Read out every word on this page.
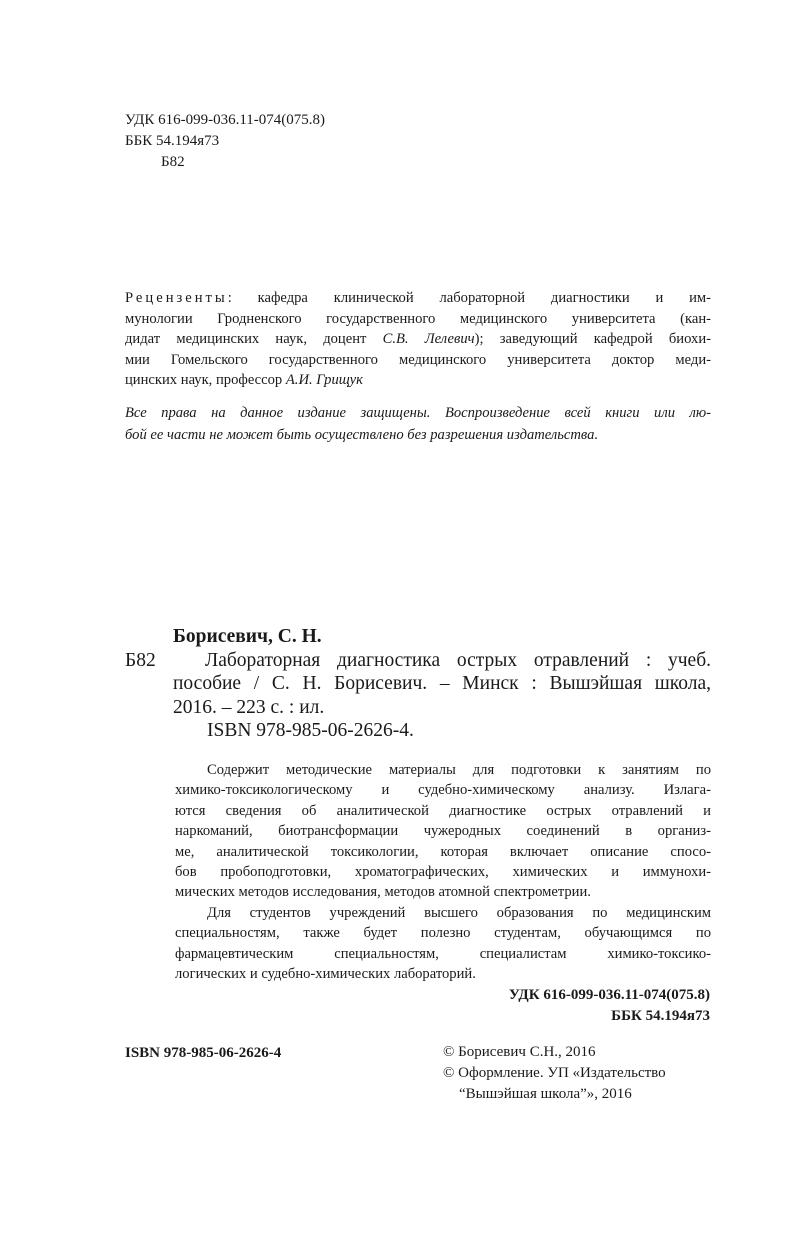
УДК 616-099-036.11-074(075.8)
ББК 54.194я73
Б82
Рецензенты: кафедра клинической лабораторной диагностики и им-
мунологии Гродненского государственного медицинского университета (кан-
дидат медицинских наук, доцент С.В. Лелевич); заведующий кафедрой биохи-
мии Гомельского государственного медицинского университета доктор меди-
цинских наук, профессор А.И. Грищук
Все права на данное издание защищены. Воспроизведение всей книги или лю-
бой ее части не может быть осуществлено без разрешения издательства.
Борисевич, С. Н.
Б82	Лабораторная диагностика острых отравлений : учеб.
пособие / С. Н. Борисевич. – Минск : Вышэйшая школа,
2016. – 223 с. : ил.
ISBN 978-985-06-2626-4.
Содержит методические материалы для подготовки к занятиям по
химико-токсикологическому и судебно-химическому анализу. Излага-
ются сведения об аналитической диагностике острых отравлений и
наркоманий, биотрансформации чужеродных соединений в организ-
ме, аналитической токсикологии, которая включает описание спосо-
бов пробоподготовки, хроматографических, химических и иммунохи-
мических методов исследования, методов атомной спектрометрии.
Для студентов учреждений высшего образования по медицинским
специальностям, также будет полезно студентам, обучающимся по
фармацевтическим специальностям, специалистам химико-токсико-
логических и судебно-химических лабораторий.
УДК 616-099-036.11-074(075.8)
ББК 54.194я73
ISBN 978-985-06-2626-4	© Борисевич С.Н., 2016
© Оформление. УП «Издательство
“Вышэйшая школа”», 2016
